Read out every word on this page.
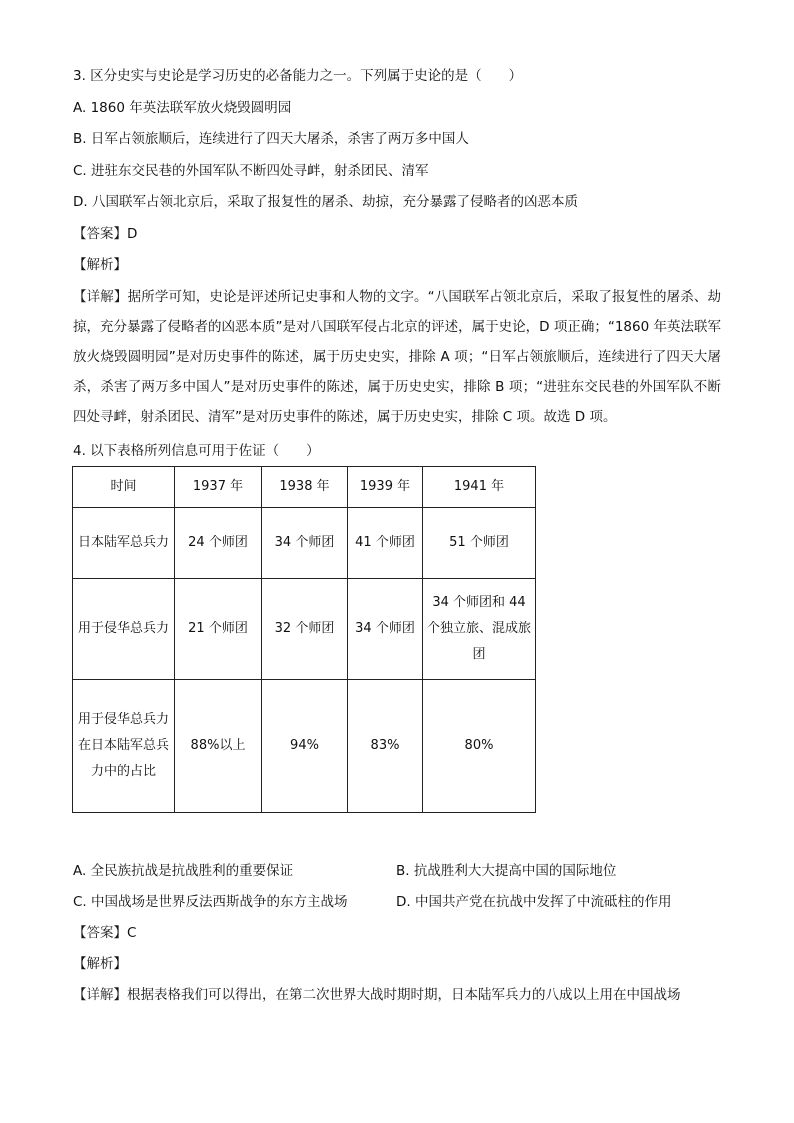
3. 区分史实与史论是学习历史的必备能力之一。下列属于史论的是（　　）
A. 1860 年英法联军放火烧毁圆明园
B. 日军占领旅顺后，连续进行了四天大屠杀，杀害了两万多中国人
C. 进驻东交民巷的外国军队不断四处寻衅，射杀团民、清军
D. 八国联军占领北京后，采取了报复性的屠杀、劫掠，充分暴露了侵略者的凶恶本质
【答案】D
【解析】
【详解】据所学可知，史论是评述所记史事和人物的文字。“八国联军占领北京后，采取了报复性的屠杀、劫掠，充分暴露了侵略者的凶恶本质”是对八国联军侵占北京的评述，属于史论，D 项正确；“1860 年英法联军放火烧毁圆明园”是对历史事件的陈述，属于历史史实，排除 A 项；“日军占领旅顺后，连续进行了四天大屠杀，杀害了两万多中国人”是对历史事件的陈述，属于历史史实，排除 B 项；“进驻东交民巷的外国军队不断四处寻衅，射杀团民、清军”是对历史事件的陈述，属于历史史实，排除 C 项。故选 D 项。
4. 以下表格所列信息可用于佐证（　　）
时间	1937 年	1938 年	1939 年	1941 年
日本陆军总兵力	24 个师团	34 个师团	41 个师团	51 个师团
用于侵华总兵力	21 个师团	32 个师团	34 个师团	34 个师团和 44 个独立旅、混成旅团
用于侵华总兵力在日本陆军总兵力中的占比	88%以上	94%	83%	80%
A. 全民族抗战是抗战胜利的重要保证	B. 抗战胜利大大提高中国的国际地位
C. 中国战场是世界反法西斯战争的东方主战场	D. 中国共产党在抗战中发挥了中流砥柱的作用
【答案】C
【解析】
【详解】根据表格我们可以得出，在第二次世界大战时期时期，日本陆军兵力的八成以上用在中国战场
